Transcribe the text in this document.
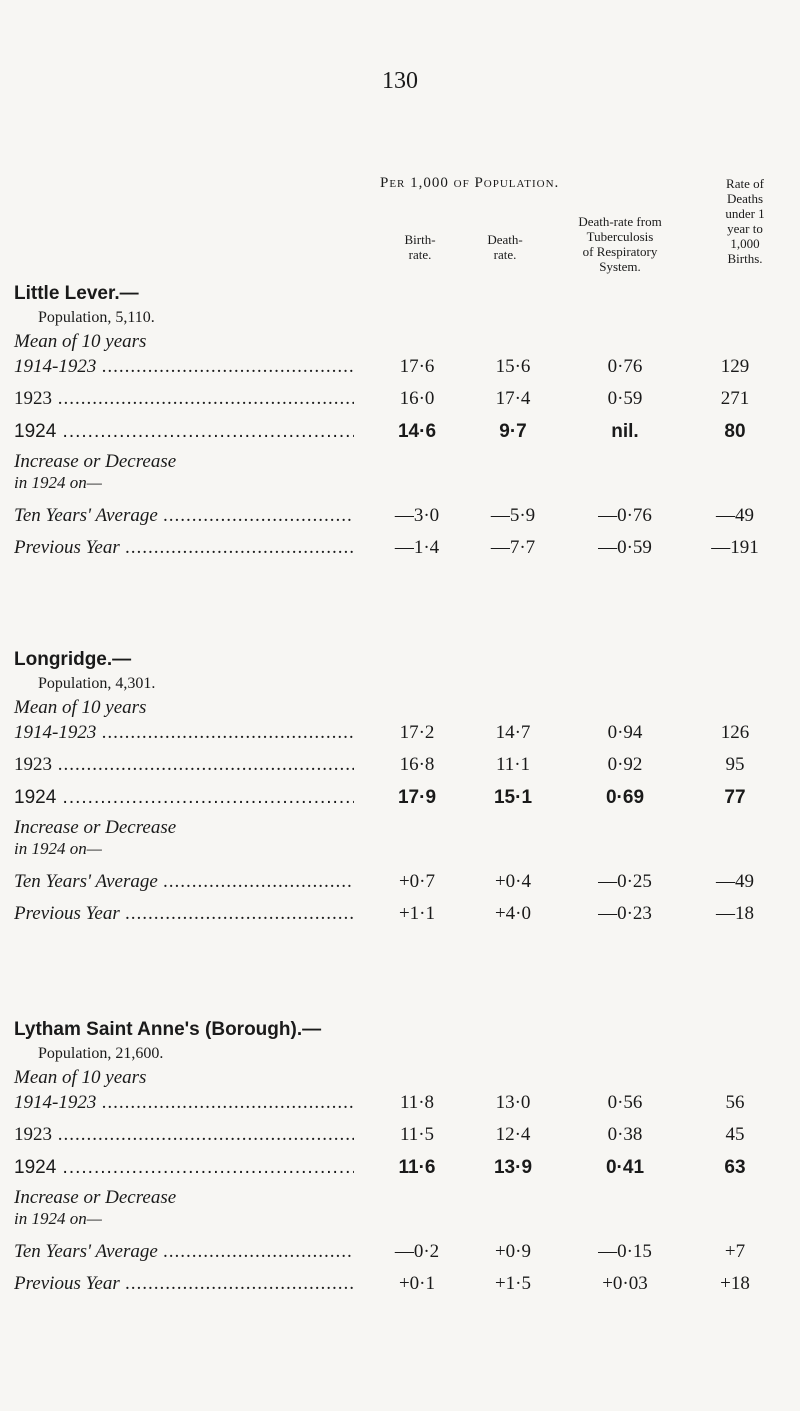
130
Per 1,000 of Population.
Birth-
rate.
Death-
rate.
Death-rate from
Tuberculosis
of Respiratory
System.
Rate of
Deaths
under 1
year to
1,000
Births.
Little Lever.—
Population, 5,110.
Mean of 10 years
1914-1923 .....	17·6	15·6	0·76	129
1923 .....	16·0	17·4	0·59	271
1924 .....	14·6	9·7	nil.	80
Increase or Decrease
in 1924 on—
Ten Years' Average .....	—3·0	—5·9	—0·76	—49
Previous Year .....	—1·4	—7·7	—0·59	—191
Longridge.—
Population, 4,301.
Mean of 10 years
1914-1923 .....	17·2	14·7	0·94	126
1923 .....	16·8	11·1	0·92	95
1924 .....	17·9	15·1	0·69	77
Increase or Decrease
in 1924 on—
Ten Years' Average .....	+0·7	+0·4	—0·25	—49
Previous Year .....	+1·1	+4·0	—0·23	—18
Lytham Saint Anne's (Borough).—
Population, 21,600.
Mean of 10 years
1914-1923 .....	11·8	13·0	0·56	56
1923 .....	11·5	12·4	0·38	45
1924 .....	11·6	13·9	0·41	63
Increase or Decrease
in 1924 on—
Ten Years' Average .....	—0·2	+0·9	—0·15	+7
Previous Year .....	+0·1	+1·5	+0·03	+18
